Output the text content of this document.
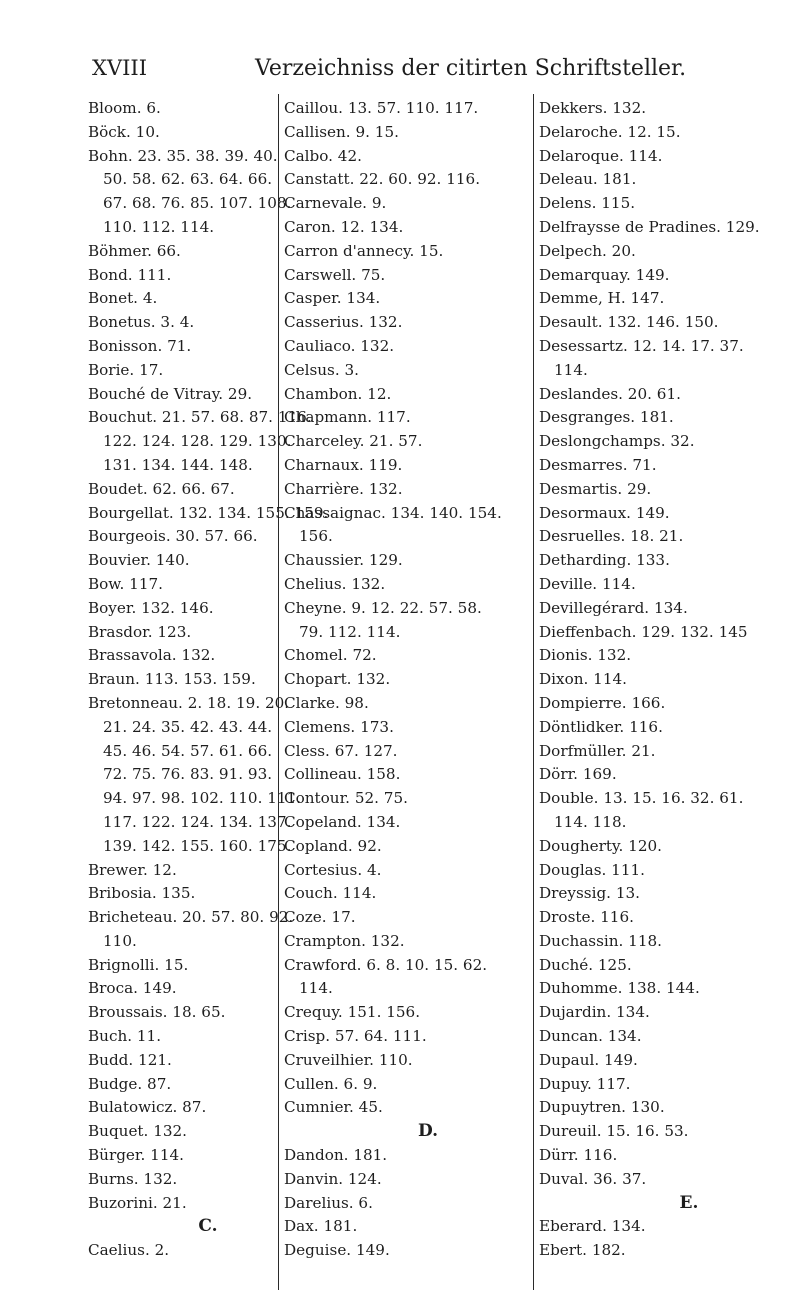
XVIII	Verzeichniss der citirten Schriftsteller.
Bloom. 6.
Böck. 10.
Bohn. 23. 35. 38. 39. 40.
50. 58. 62. 63. 64. 66.
67. 68. 76. 85. 107. 108.
110. 112. 114.
Böhmer. 66.
Bond. 111.
Bonet. 4.
Bonetus. 3. 4.
Bonisson. 71.
Borie. 17.
Bouché de Vitray. 29.
Bouchut. 21. 57. 68. 87. 116.
122. 124. 128. 129. 130.
131. 134. 144. 148.
Boudet. 62. 66. 67.
Bourgellat. 132. 134. 155. 159.
Bourgeois. 30. 57. 66.
Bouvier. 140.
Bow. 117.
Boyer. 132. 146.
Brasdor. 123.
Brassavola. 132.
Braun. 113. 153. 159.
Bretonneau. 2. 18. 19. 20.
21. 24. 35. 42. 43. 44.
45. 46. 54. 57. 61. 66.
72. 75. 76. 83. 91. 93.
94. 97. 98. 102. 110. 111.
117. 122. 124. 134. 137.
139. 142. 155. 160. 175.
Brewer. 12.
Bribosia. 135.
Bricheteau. 20. 57. 80. 92.
110.
Brignolli. 15.
Broca. 149.
Broussais. 18. 65.
Buch. 11.
Budd. 121.
Budge. 87.
Bulatowicz. 87.
Buquet. 132.
Bürger. 114.
Burns. 132.
Buzorini. 21.
C.
Caelius. 2.
Caillou. 13. 57. 110. 117.
Callisen. 9. 15.
Calbo. 42.
Canstatt. 22. 60. 92. 116.
Carnevale. 9.
Caron. 12. 134.
Carron d'annecy. 15.
Carswell. 75.
Casper. 134.
Casserius. 132.
Cauliaco. 132.
Celsus. 3.
Chambon. 12.
Chapmann. 117.
Charceley. 21. 57.
Charnaux. 119.
Charrière. 132.
Chassaignac. 134. 140. 154.
156.
Chaussier. 129.
Chelius. 132.
Cheyne. 9. 12. 22. 57. 58.
79. 112. 114.
Chomel. 72.
Chopart. 132.
Clarke. 98.
Clemens. 173.
Cless. 67. 127.
Collineau. 158.
Contour. 52. 75.
Copeland. 134.
Copland. 92.
Cortesius. 4.
Couch. 114.
Coze. 17.
Crampton. 132.
Crawford. 6. 8. 10. 15. 62.
114.
Crequy. 151. 156.
Crisp. 57. 64. 111.
Cruveilhier. 110.
Cullen. 6. 9.
Cumnier. 45.
D.
Dandon. 181.
Danvin. 124.
Darelius. 6.
Dax. 181.
Deguise. 149.
Dekkers. 132.
Delaroche. 12. 15.
Delaroque. 114.
Deleau. 181.
Delens. 115.
Delfraysse de Pradines. 129.
Delpech. 20.
Demarquay. 149.
Demme, H. 147.
Desault. 132. 146. 150.
Desessartz. 12. 14. 17. 37.
114.
Deslandes. 20. 61.
Desgranges. 181.
Deslongchamps. 32.
Desmarres. 71.
Desmartis. 29.
Desormaux. 149.
Desruelles. 18. 21.
Detharding. 133.
Deville. 114.
Devillegérard. 134.
Dieffenbach. 129. 132. 145
Dionis. 132.
Dixon. 114.
Dompierre. 166.
Döntlidker. 116.
Dorfmüller. 21.
Dörr. 169.
Double. 13. 15. 16. 32. 61.
114. 118.
Dougherty. 120.
Douglas. 111.
Dreyssig. 13.
Droste. 116.
Duchassin. 118.
Duché. 125.
Duhomme. 138. 144.
Dujardin. 134.
Duncan. 134.
Dupaul. 149.
Dupuy. 117.
Dupuytren. 130.
Dureuil. 15. 16. 53.
Dürr. 116.
Duval. 36. 37.
E.
Eberard. 134.
Ebert. 182.
